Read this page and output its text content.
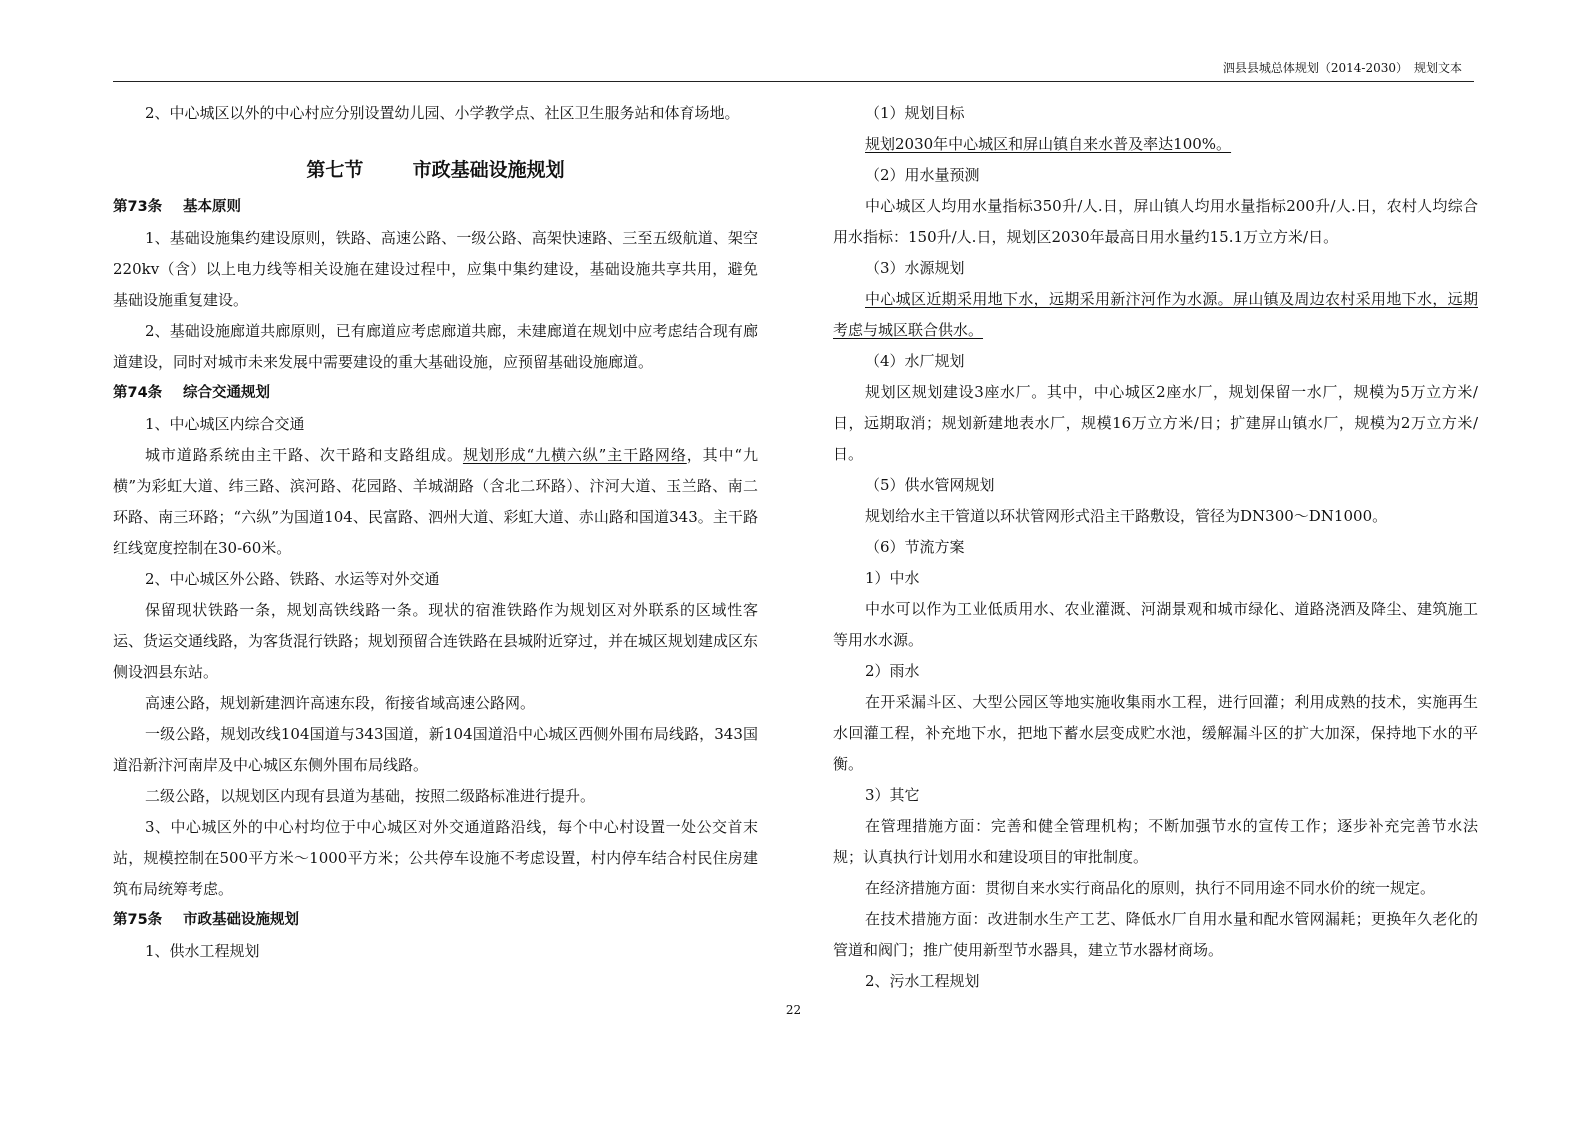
泗县县城总体规划（2014-2030）　规划文本

2、中心城区以外的中心村应分别设置幼儿园、小学教学点、社区卫生服务站和体育场地。

第七节	市政基础设施规划

第73条 基本原则

1、基础设施集约建设原则，铁路、高速公路、一级公路、高架快速路、三至五级航道、架空220kv（含）以上电力线等相关设施在建设过程中，应集中集约建设，基础设施共享共用，避免基础设施重复建设。

2、基础设施廊道共廊原则，已有廊道应考虑廊道共廊，未建廊道在规划中应考虑结合现有廊道建设，同时对城市未来发展中需要建设的重大基础设施，应预留基础设施廊道。

第74条 综合交通规划

1、中心城区内综合交通

城市道路系统由主干路、次干路和支路组成。规划形成“九横六纵”主干路网络，其中“九横”为彩虹大道、纬三路、滨河路、花园路、羊城湖路（含北二环路）、汴河大道、玉兰路、南二环路、南三环路；“六纵”为国道104、民富路、泗州大道、彩虹大道、赤山路和国道343。主干路红线宽度控制在30-60米。

2、中心城区外公路、铁路、水运等对外交通

保留现状铁路一条，规划高铁线路一条。现状的宿淮铁路作为规划区对外联系的区域性客运、货运交通线路，为客货混行铁路；规划预留合连铁路在县城附近穿过，并在城区规划建成区东侧设泗县东站。

高速公路，规划新建泗许高速东段，衔接省域高速公路网。

一级公路，规划改线104国道与343国道，新104国道沿中心城区西侧外围布局线路，343国道沿新汴河南岸及中心城区东侧外围布局线路。

二级公路，以规划区内现有县道为基础，按照二级路标准进行提升。

3、中心城区外的中心村均位于中心城区对外交通道路沿线，每个中心村设置一处公交首末站，规模控制在500平方米～1000平方米；公共停车设施不考虑设置，村内停车结合村民住房建筑布局统筹考虑。

第75条 市政基础设施规划

1、供水工程规划

（1）规划目标

规划2030年中心城区和屏山镇自来水普及率达100%。

（2）用水量预测

中心城区人均用水量指标350升/人.日，屏山镇人均用水量指标200升/人.日，农村人均综合用水指标：150升/人.日，规划区2030年最高日用水量约15.1万立方米/日。

（3）水源规划

中心城区近期采用地下水，远期采用新汴河作为水源。屏山镇及周边农村采用地下水，远期考虑与城区联合供水。

（4）水厂规划

规划区规划建设3座水厂。其中，中心城区2座水厂，规划保留一水厂，规模为5万立方米/日，远期取消；规划新建地表水厂，规模16万立方米/日；扩建屏山镇水厂，规模为2万立方米/日。

（5）供水管网规划

规划给水主干管道以环状管网形式沿主干路敷设，管径为DN300～DN1000。

（6）节流方案

1）中水

中水可以作为工业低质用水、农业灌溉、河湖景观和城市绿化、道路浇洒及降尘、建筑施工等用水水源。

2）雨水

在开采漏斗区、大型公园区等地实施收集雨水工程，进行回灌；利用成熟的技术，实施再生水回灌工程，补充地下水，把地下蓄水层变成贮水池，缓解漏斗区的扩大加深，保持地下水的平衡。

3）其它

在管理措施方面：完善和健全管理机构；不断加强节水的宣传工作；逐步补充完善节水法规；认真执行计划用水和建设项目的审批制度。

在经济措施方面：贯彻自来水实行商品化的原则，执行不同用途不同水价的统一规定。

在技术措施方面：改进制水生产工艺、降低水厂自用水量和配水管网漏耗；更换年久老化的管道和阀门；推广使用新型节水器具，建立节水器材商场。

2、污水工程规划

22
